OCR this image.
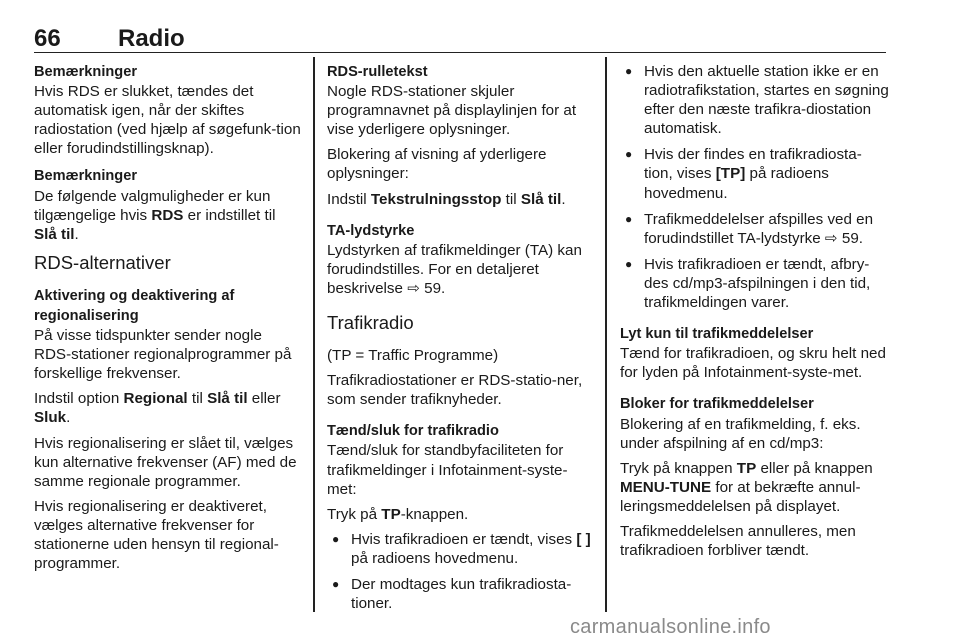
66 Radio

Bemærkninger
Hvis RDS er slukket, tændes det automatisk igen, når der skiftes radiostation (ved hjælp af søgefunk-tion eller forudindstillingsknap).

Bemærkninger
De følgende valgmuligheder er kun tilgængelige hvis RDS er indstillet til Slå til.

RDS-alternativer

Aktivering og deaktivering af regionalisering

På visse tidspunkter sender nogle RDS-stationer regionalprogrammer på forskellige frekvenser.

Indstil option Regional til Slå til eller Sluk.

Hvis regionalisering er slået til, vælges kun alternative frekvenser (AF) med de samme regionale programmer.

Hvis regionalisering er deaktiveret, vælges alternative frekvenser for stationerne uden hensyn til regional-programmer.

RDS-rulletekst
Nogle RDS-stationer skjuler programnavnet på displaylinjen for at vise yderligere oplysninger.

Blokering af visning af yderligere oplysninger:

Indstil Tekstrulningsstop til Slå til.

TA-lydstyrke
Lydstyrken af trafikmeldinger (TA) kan forudindstilles. For en detaljeret beskrivelse ⇨ 59.

Trafikradio

(TP = Traffic Programme)

Trafikradiostationer er RDS-statio-ner, som sender trafiknyheder.

Tænd/sluk for trafikradio
Tænd/sluk for standbyfaciliteten for trafikmeldinger i Infotainment-syste-met:

Tryk på TP-knappen.

● Hvis trafikradioen er tændt, vises [ ] på radioens hovedmenu.
● Der modtages kun trafikradiosta-tioner.
● Hvis den aktuelle station ikke er en radiotrafikstation, startes en søgning efter den næste trafikra-diostation automatisk.
● Hvis der findes en trafikradiosta-tion, vises [TP] på radioens hovedmenu.
● Trafikmeddelelser afspilles ved en forudindstillet TA-lydstyrke ⇨ 59.
● Hvis trafikradioen er tændt, afbry-des cd/mp3-afspilningen i den tid, trafikmeldingen varer.

Lyt kun til trafikmeddelelser
Tænd for trafikradioen, og skru helt ned for lyden på Infotainment-syste-met.

Bloker for trafikmeddelelser
Blokering af en trafikmelding, f. eks. under afspilning af en cd/mp3:

Tryk på knappen TP eller på knappen MENU-TUNE for at bekræfte annul-leringsmeddelelsen på displayet.

Trafikmeddelelsen annulleres, men trafikradioen forbliver tændt.

carmanualsonline.info
